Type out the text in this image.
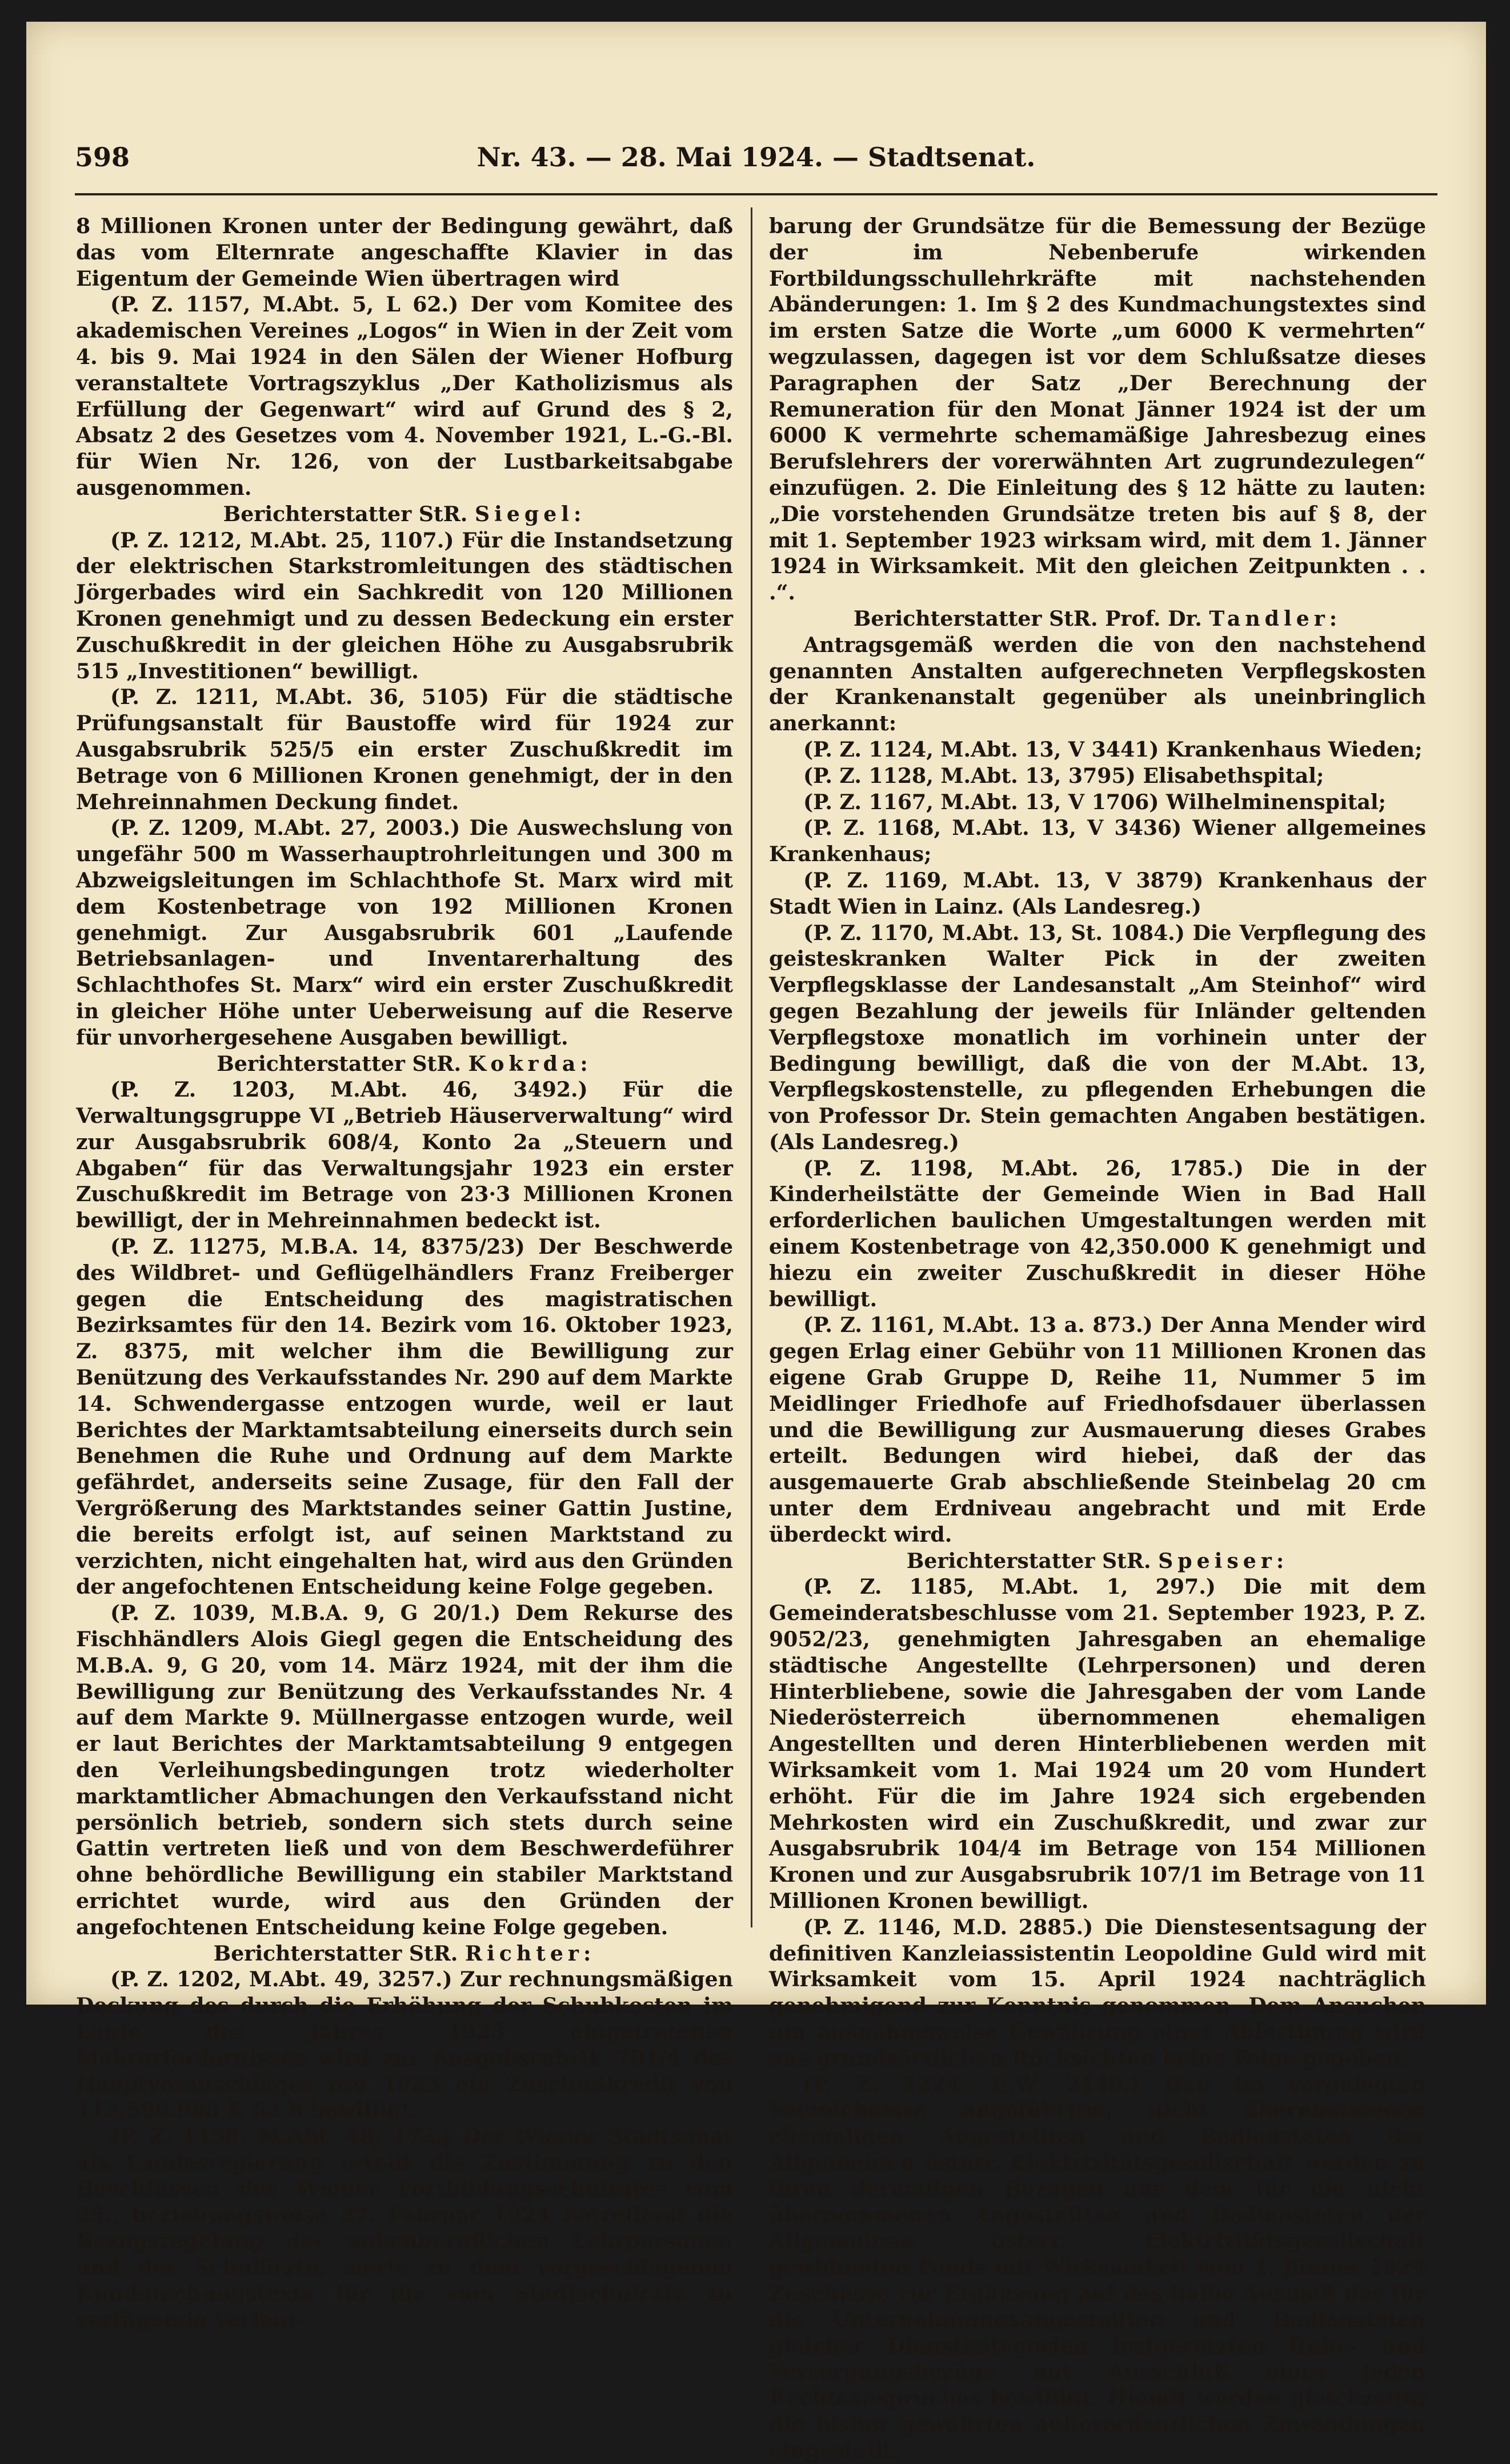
598	Nr. 43. — 28. Mai 1924. — Stadtsenat.

8 Millionen Kronen unter der Bedingung gewährt, daß das vom Elternrate angeschaffte Klavier in das Eigentum der Gemeinde Wien übertragen wird

(P. Z. 1157, M.Abt. 5, L 62.) Der vom Komitee des akademischen Vereines „Logos“ in Wien in der Zeit vom 4. bis 9. Mai 1924 in den Sälen der Wiener Hofburg veranstaltete Vortragszyklus „Der Katholizismus als Erfüllung der Gegenwart“ wird auf Grund des § 2, Absatz 2 des Gesetzes vom 4. November 1921, L.-G.-Bl. für Wien Nr. 126, von der Lustbarkeitsabgabe ausgenommen.

Berichterstatter StR. Siegel:

(P. Z. 1212, M.Abt. 25, 1107.) Für die Instandsetzung der elektrischen Starkstromleitungen des städtischen Jörgerbades wird ein Sachkredit von 120 Millionen Kronen genehmigt und zu dessen Bedeckung ein erster Zuschußkredit in der gleichen Höhe zu Ausgabsrubrik 515 „Investitionen“ bewilligt.

(P. Z. 1211, M.Abt. 36, 5105) Für die städtische Prüfungsanstalt für Baustoffe wird für 1924 zur Ausgabsrubrik 525/5 ein erster Zuschußkredit im Betrage von 6 Millionen Kronen genehmigt, der in den Mehreinnahmen Deckung findet.

(P. Z. 1209, M.Abt. 27, 2003.) Die Auswechslung von ungefähr 500 m Wasserhauptrohrleitungen und 300 m Abzweigsleitungen im Schlachthofe St. Marx wird mit dem Kostenbetrage von 192 Millionen Kronen genehmigt. Zur Ausgabsrubrik 601 „Laufende Betriebsanlagen- und Inventarerhaltung des Schlachthofes St. Marx“ wird ein erster Zuschußkredit in gleicher Höhe unter Ueberweisung auf die Reserve für unvorhergesehene Ausgaben bewilligt.

Berichterstatter StR. Kokrda:

(P. Z. 1203, M.Abt. 46, 3492.) Für die Verwaltungsgruppe VI „Betrieb Häuserverwaltung“ wird zur Ausgabsrubrik 608/4, Konto 2a „Steuern und Abgaben“ für das Verwaltungsjahr 1923 ein erster Zuschußkredit im Betrage von 23·3 Millionen Kronen bewilligt, der in Mehreinnahmen bedeckt ist.

(P. Z. 11275, M.B.A. 14, 8375/23) Der Beschwerde des Wildbret- und Geflügelhändlers Franz Freiberger gegen die Entscheidung des magistratischen Bezirksamtes für den 14. Bezirk vom 16. Oktober 1923, Z. 8375, mit welcher ihm die Bewilligung zur Benützung des Verkaufsstandes Nr. 290 auf dem Markte 14. Schwendergasse entzogen wurde, weil er laut Berichtes der Marktamtsabteilung einerseits durch sein Benehmen die Ruhe und Ordnung auf dem Markte gefährdet, anderseits seine Zusage, für den Fall der Vergrößerung des Marktstandes seiner Gattin Justine, die bereits erfolgt ist, auf seinen Marktstand zu verzichten, nicht eingehalten hat, wird aus den Gründen der angefochtenen Entscheidung keine Folge gegeben.

(P. Z. 1039, M.B.A. 9, G 20/1.) Dem Rekurse des Fischhändlers Alois Giegl gegen die Entscheidung des M.B.A. 9, G 20, vom 14. März 1924, mit der ihm die Bewilligung zur Benützung des Verkaufsstandes Nr. 4 auf dem Markte 9. Müllnergasse entzogen wurde, weil er laut Berichtes der Marktamtsabteilung 9 entgegen den Verleihungsbedingungen trotz wiederholter marktamtlicher Abmachungen den Verkaufsstand nicht persönlich betrieb, sondern sich stets durch seine Gattin vertreten ließ und von dem Beschwerdeführer ohne behördliche Bewilligung ein stabiler Marktstand errichtet wurde, wird aus den Gründen der angefochtenen Entscheidung keine Folge gegeben.

Berichterstatter StR. Richter:

(P. Z. 1202, M.Abt. 49, 3257.) Zur rechnungsmäßigen Deckung des durch die Erhöhung der Schubkosten im Laufe des Jahres 1923 eingetretenen Mehrerfordernisses wird zur Ausgabsrubrik 701/4 des Hauptvoranschlages pro 1923 ein Zuschußkredit von 112,590.988 K 62 h bewilligt.

(P. Z. 1158, M.Abt. 48, 172.) Der Wiener Stadtsenat als Landesregierung erteilt die Zustimmung zu den Beschlüssen des Wiener Fortbildungsschulrates vom 25., beziehungsweise 27. Februar 1924 betreffend die Bezugsregelung der nebenberuflichen Lehrpersonen und der Schulärzte, sowie zu dem vorgeschlagenen Kundmachungstexte für die vom Stadtschulrate zu verfügende Verlaut-

barung der Grundsätze für die Bemessung der Bezüge der im Nebenberufe wirkenden Fortbildungsschullehrkräfte mit nachstehenden Abänderungen: 1. Im § 2 des Kundmachungstextes sind im ersten Satze die Worte „um 6000 K vermehrten“ wegzulassen, dagegen ist vor dem Schlußsatze dieses Paragraphen der Satz „Der Berechnung der Remuneration für den Monat Jänner 1924 ist der um 6000 K vermehrte schemamäßige Jahresbezug eines Berufslehrers der vorerwähnten Art zugrundezulegen“ einzufügen. 2. Die Einleitung des § 12 hätte zu lauten: „Die vorstehenden Grundsätze treten bis auf § 8, der mit 1. September 1923 wirksam wird, mit dem 1. Jänner 1924 in Wirksamkeit. Mit den gleichen Zeitpunkten . . .“.

Berichterstatter StR. Prof. Dr. Tandler:

Antragsgemäß werden die von den nachstehend genannten Anstalten aufgerechneten Verpflegskosten der Krankenanstalt gegenüber als uneinbringlich anerkannt:

(P. Z. 1124, M.Abt. 13, V 3441) Krankenhaus Wieden;

(P. Z. 1128, M.Abt. 13, 3795) Elisabethspital;

(P. Z. 1167, M.Abt. 13, V 1706) Wilhelminenspital;

(P. Z. 1168, M.Abt. 13, V 3436) Wiener allgemeines Krankenhaus;

(P. Z. 1169, M.Abt. 13, V 3879) Krankenhaus der Stadt Wien in Lainz. (Als Landesreg.)

(P. Z. 1170, M.Abt. 13, St. 1084.) Die Verpflegung des geisteskranken Walter Pick in der zweiten Verpflegsklasse der Landesanstalt „Am Steinhof“ wird gegen Bezahlung der jeweils für Inländer geltenden Verpflegstoxe monatlich im vorhinein unter der Bedingung bewilligt, daß die von der M.Abt. 13, Verpflegskostenstelle, zu pflegenden Erhebungen die von Professor Dr. Stein gemachten Angaben bestätigen. (Als Landesreg.)

(P. Z. 1198, M.Abt. 26, 1785.) Die in der Kinderheilstätte der Gemeinde Wien in Bad Hall erforderlichen baulichen Umgestaltungen werden mit einem Kostenbetrage von 42,350.000 K genehmigt und hiezu ein zweiter Zuschußkredit in dieser Höhe bewilligt.

(P. Z. 1161, M.Abt. 13 a. 873.) Der Anna Mender wird gegen Erlag einer Gebühr von 11 Millionen Kronen das eigene Grab Gruppe D, Reihe 11, Nummer 5 im Meidlinger Friedhofe auf Friedhofsdauer überlassen und die Bewilligung zur Ausmauerung dieses Grabes erteilt. Bedungen wird hiebei, daß der das ausgemauerte Grab abschließende Steinbelag 20 cm unter dem Erdniveau angebracht und mit Erde überdeckt wird.

Berichterstatter StR. Speiser:

(P. Z. 1185, M.Abt. 1, 297.) Die mit dem Gemeinderatsbeschlusse vom 21. September 1923, P. Z. 9052/23, genehmigten Jahresgaben an ehemalige städtische Angestellte (Lehrpersonen) und deren Hinterbliebene, sowie die Jahresgaben der vom Lande Niederösterreich übernommenen ehemaligen Angestellten und deren Hinterbliebenen werden mit Wirksamkeit vom 1. Mai 1924 um 20 vom Hundert erhöht. Für die im Jahre 1924 sich ergebenden Mehrkosten wird ein Zuschußkredit, und zwar zur Ausgabsrubrik 104/4 im Betrage von 154 Millionen Kronen und zur Ausgabsrubrik 107/1 im Betrage von 11 Millionen Kronen bewilligt.

(P. Z. 1146, M.D. 2885.) Die Dienstesentsagung der definitiven Kanzleiassistentin Leopoldine Guld wird mit Wirksamkeit vom 15. April 1924 nachträglich genehmigend zur Kenntnis genommen. Dem Ansuchen um ausnahmsweise Gewährung einer Abfertigung wird aus grundsätzlichen Rücksichten keine Folge gegeben.

(P. Z. 1224, E.W. 2149.) Den im vorgelegten Verzeichnisse angeführten, nicht übernommenen ehemaligen Angestellten und Bediensteten der Allgemeinen österr. Elektrizitätsgesellschaft werden zu ihren dermaligen Bezügen aus dem für die nicht übernommenen Angestellten und Bediensteten der Allgemeinen österr. Elektrizitätsgesellschaft gewidmeten Fonds mit Wirksamkeit vom 1. Jänner 1924 Zuschüsse zur Ergänzung auf das halbe Ausmaß der für die Unternehmungsangestellten und -Bediensteten gleicher Dienstkategorien festgesetzten Ruhe- und Versorgungsbezüge mit Ausschluß eines jeden Rechtsanspruches bewilligt. Hiemit werden gleichzeitig die bisher gewährten außerordentlichen Zuwendungen eingestellt.
